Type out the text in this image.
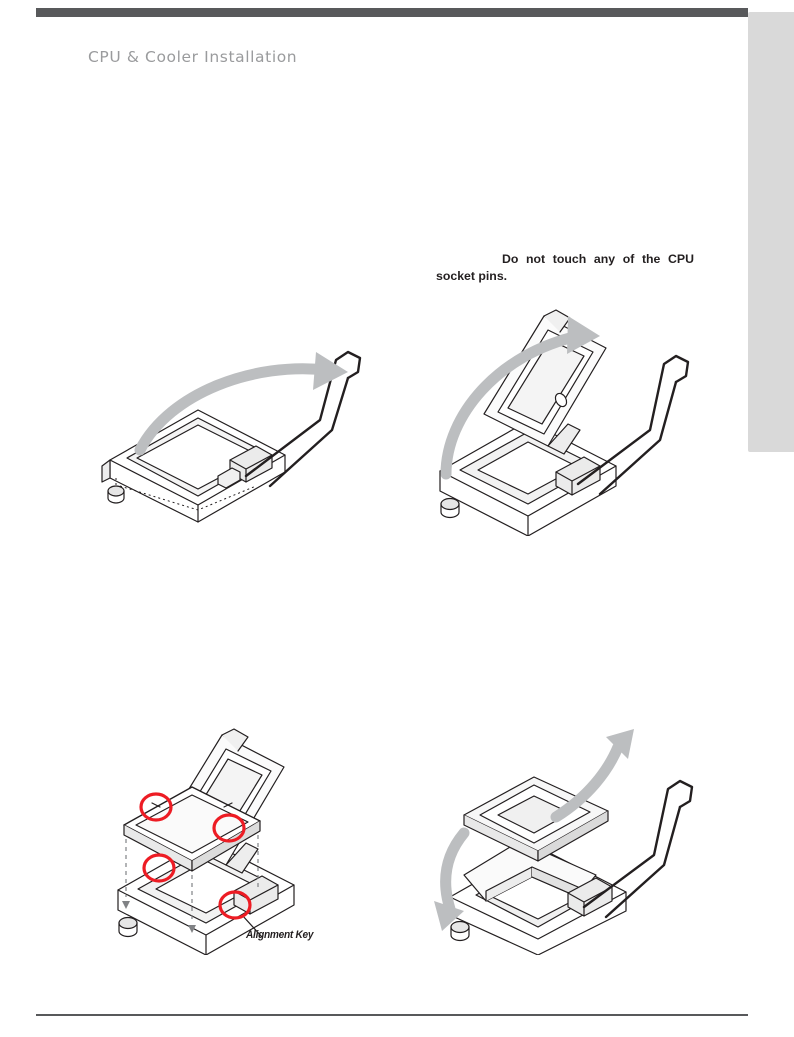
CPU & Cooler Installation
Do not touch any of the CPU socket pins.
Alignment Key
